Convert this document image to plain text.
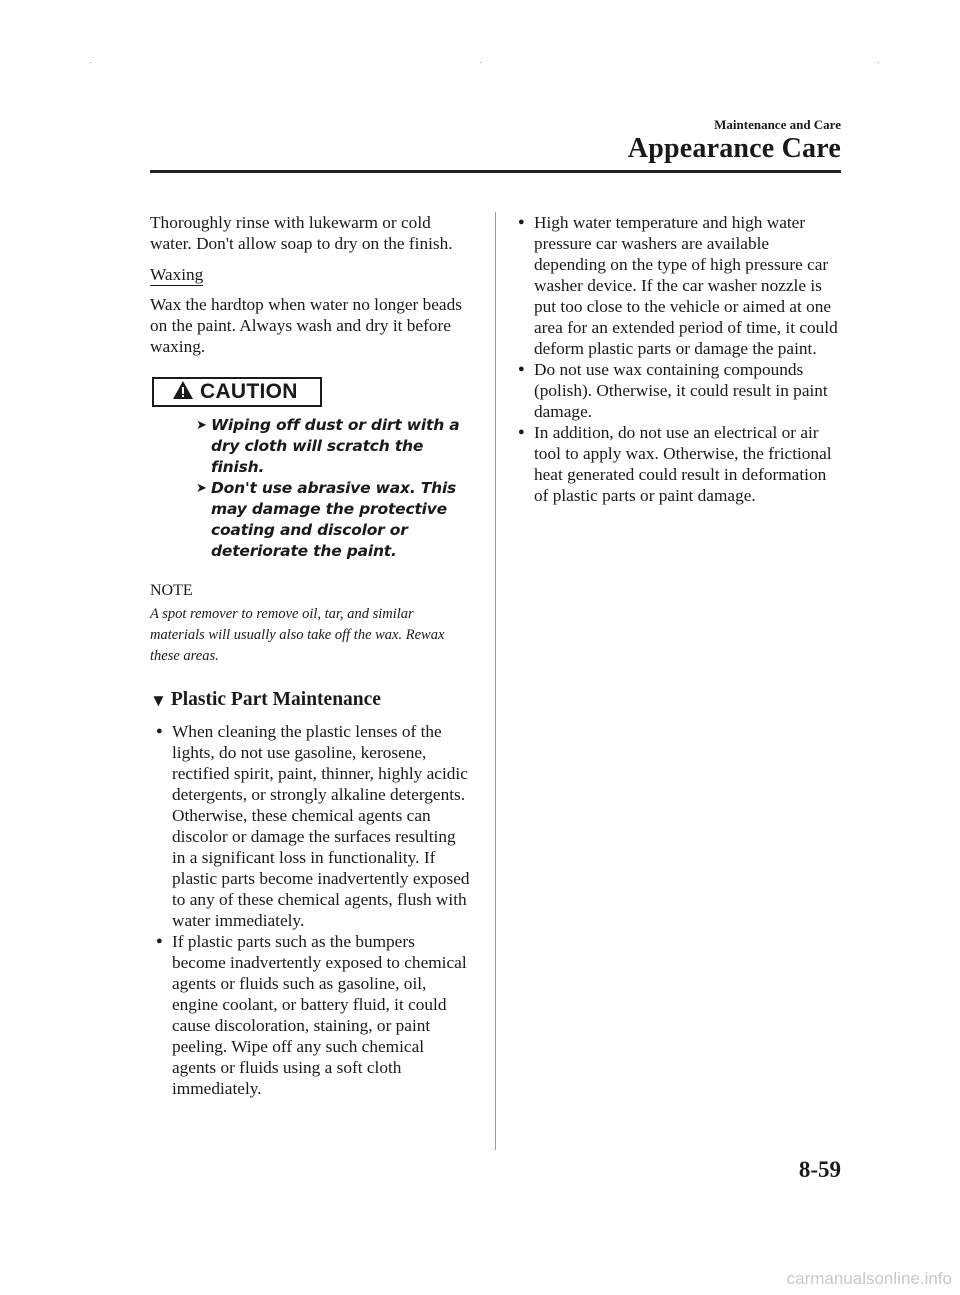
Maintenance and Care
Appearance Care

Thoroughly rinse with lukewarm or cold water. Don't allow soap to dry on the finish.

Waxing

Wax the hardtop when water no longer beads on the paint. Always wash and dry it before waxing.

CAUTION
➤ Wiping off dust or dirt with a dry cloth will scratch the finish.
➤ Don't use abrasive wax. This may damage the protective coating and discolor or deteriorate the paint.
NOTE

A spot remover to remove oil, tar, and similar materials will usually also take off the wax. Rewax these areas.

▼ Plastic Part Maintenance
● When cleaning the plastic lenses of the lights, do not use gasoline, kerosene, rectified spirit, paint, thinner, highly acidic detergents, or strongly alkaline detergents. Otherwise, these chemical agents can discolor or damage the surfaces resulting in a significant loss in functionality. If plastic parts become inadvertently exposed to any of these chemical agents, flush with water immediately.
● If plastic parts such as the bumpers become inadvertently exposed to chemical agents or fluids such as gasoline, oil, engine coolant, or battery fluid, it could cause discoloration, staining, or paint peeling. Wipe off any such chemical agents or fluids using a soft cloth immediately.
● High water temperature and high water pressure car washers are available depending on the type of high pressure car washer device. If the car washer nozzle is put too close to the vehicle or aimed at one area for an extended period of time, it could deform plastic parts or damage the paint.
● Do not use wax containing compounds (polish). Otherwise, it could result in paint damage.
● In addition, do not use an electrical or air tool to apply wax. Otherwise, the frictional heat generated could result in deformation of plastic parts or paint damage.
8-59
carmanualsonline.info
